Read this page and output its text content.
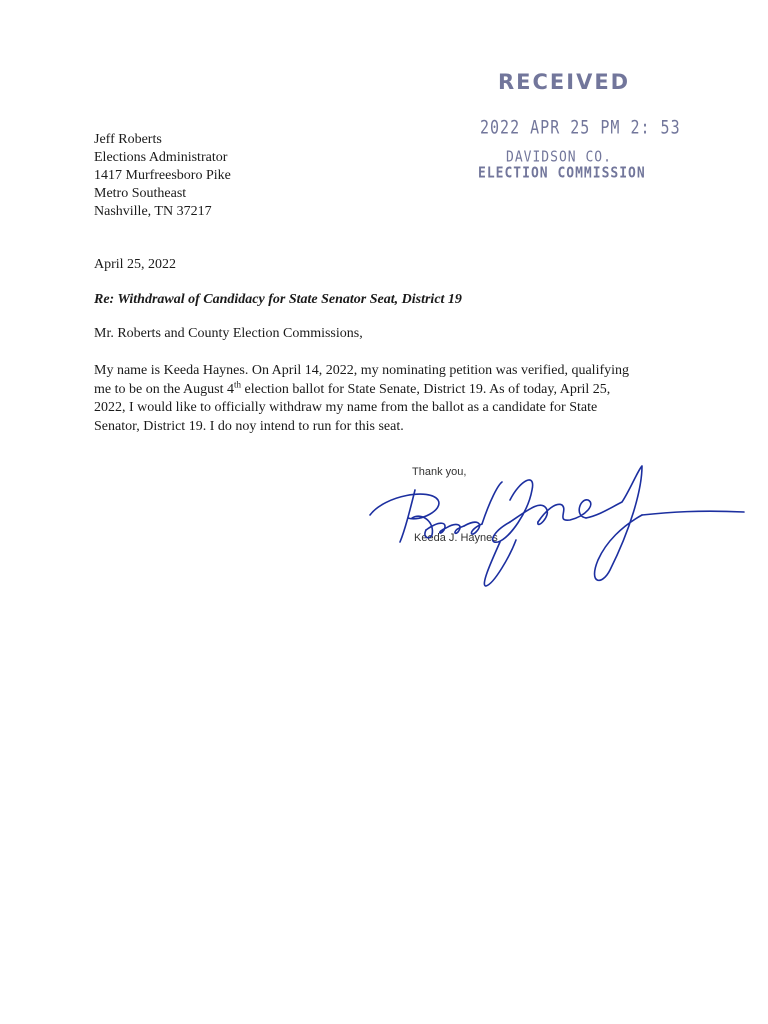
RECEIVED
2022 APR 25 PM 2: 53
DAVIDSON CO.
ELECTION COMMISSION
Jeff Roberts
Elections Administrator
1417 Murfreesboro Pike
Metro Southeast
Nashville, TN 37217
April 25, 2022
Re: Withdrawal of Candidacy for State Senator Seat, District 19
Mr. Roberts and County Election Commissions,
My name is Keeda Haynes. On April 14, 2022, my nominating petition was verified, qualifying
me to be on the August 4th election ballot for State Senate, District 19. As of today, April 25,
2022, I would like to officially withdraw my name from the ballot as a candidate for State
Senator, District 19. I do noy intend to run for this seat.
Thank you,
Keeda J. Haynes
